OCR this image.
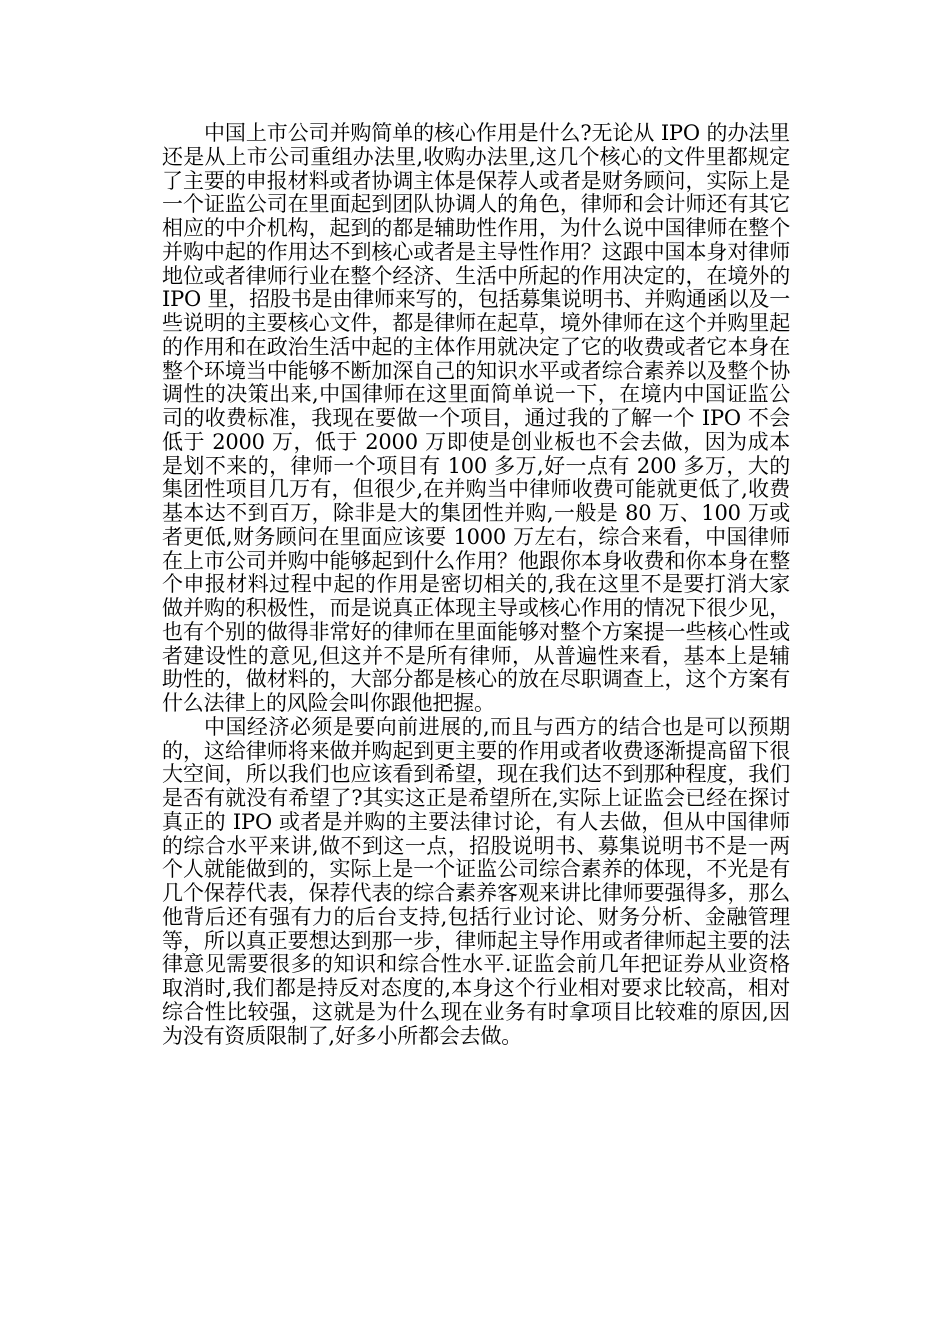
中国上市公司并购简单的核心作用是什么?无论从 IPO 的办法里还是从上市公司重组办法里,收购办法里,这几个核心的文件里都规定了主要的申报材料或者协调主体是保荐人或者是财务顾问，实际上是一个证监公司在里面起到团队协调人的角色，律师和会计师还有其它相应的中介机构，起到的都是辅助性作用，为什么说中国律师在整个并购中起的作用达不到核心或者是主导性作用？这跟中国本身对律师地位或者律师行业在整个经济、生活中所起的作用决定的，在境外的 IPO 里，招股书是由律师来写的，包括募集说明书、并购通函以及一些说明的主要核心文件，都是律师在起草，境外律师在这个并购里起的作用和在政治生活中起的主体作用就决定了它的收费或者它本身在整个环境当中能够不断加深自己的知识水平或者综合素养以及整个协调性的决策出来,中国律师在这里面简单说一下，在境内中国证监公司的收费标准，我现在要做一个项目，通过我的了解一个 IPO 不会低于 2000 万，低于 2000 万即使是创业板也不会去做，因为成本是划不来的，律师一个项目有 100 多万,好一点有 200 多万，大的集团性项目几万有，但很少,在并购当中律师收费可能就更低了,收费基本达不到百万，除非是大的集团性并购,一般是 80 万、100 万或者更低,财务顾问在里面应该要 1000 万左右，综合来看，中国律师在上市公司并购中能够起到什么作用？他跟你本身收费和你本身在整个申报材料过程中起的作用是密切相关的,我在这里不是要打消大家做并购的积极性，而是说真正体现主导或核心作用的情况下很少见，也有个别的做得非常好的律师在里面能够对整个方案提一些核心性或者建设性的意见,但这并不是所有律师，从普遍性来看，基本上是辅助性的，做材料的，大部分都是核心的放在尽职调查上，这个方案有什么法律上的风险会叫你跟他把握。

中国经济必须是要向前进展的,而且与西方的结合也是可以预期的，这给律师将来做并购起到更主要的作用或者收费逐渐提高留下很大空间，所以我们也应该看到希望，现在我们达不到那种程度，我们是否有就没有希望了?其实这正是希望所在,实际上证监会已经在探讨真正的 IPO 或者是并购的主要法律讨论，有人去做，但从中国律师的综合水平来讲,做不到这一点，招股说明书、募集说明书不是一两个人就能做到的，实际上是一个证监公司综合素养的体现，不光是有几个保荐代表，保荐代表的综合素养客观来讲比律师要强得多，那么他背后还有强有力的后台支持,包括行业讨论、财务分析、金融管理等，所以真正要想达到那一步，律师起主导作用或者律师起主要的法律意见需要很多的知识和综合性水平.证监会前几年把证券从业资格取消时,我们都是持反对态度的,本身这个行业相对要求比较高，相对综合性比较强，这就是为什么现在业务有时拿项目比较难的原因,因为没有资质限制了,好多小所都会去做。
